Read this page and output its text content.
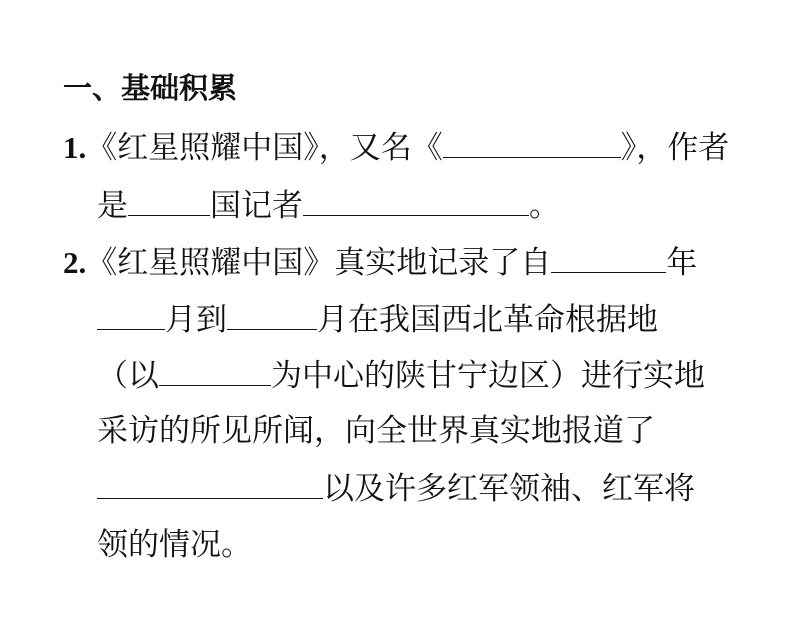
一、基础积累
1.《红星照耀中国》，又名《	》，作者
是	国记者	。
2.《红星照耀中国》真实地记录了自	年
月到	月在我国西北革命根据地
（以	为中心的陕甘宁边区）进行实地
采访的所见所闻，向全世界真实地报道了
以及许多红军领袖、红军将
领的情况。
